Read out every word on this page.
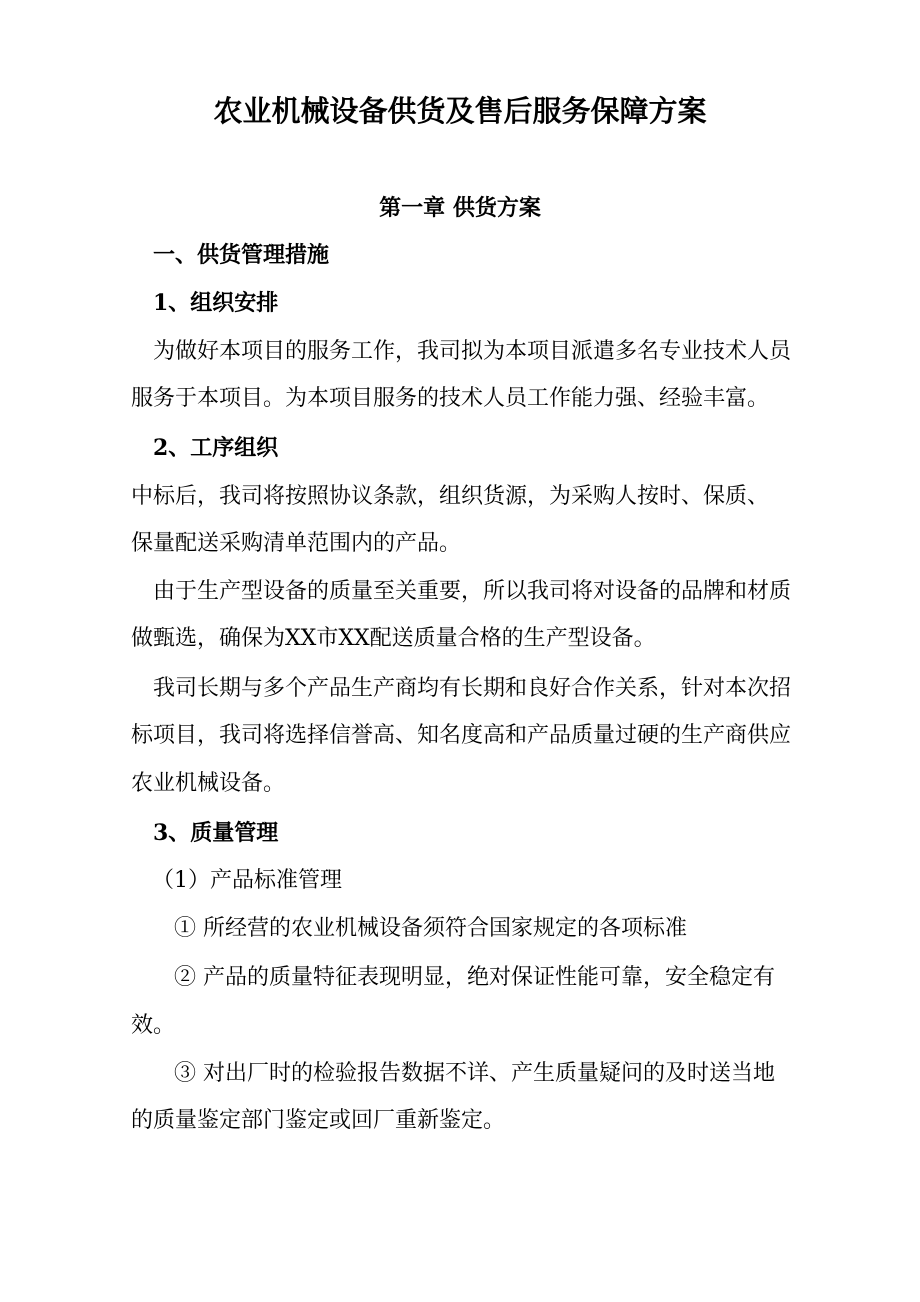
农业机械设备供货及售后服务保障方案
第一章 供货方案
一、供货管理措施
1、组织安排
为做好本项目的服务工作，我司拟为本项目派遣多名专业技术人员
服务于本项目。为本项目服务的技术人员工作能力强、经验丰富。
2、工序组织
中标后，我司将按照协议条款，组织货源，为采购人按时、保质、
保量配送采购清单范围内的产品。
由于生产型设备的质量至关重要，所以我司将对设备的品牌和材质
做甄选，确保为XX市XX配送质量合格的生产型设备。
我司长期与多个产品生产商均有长期和良好合作关系，针对本次招
标项目，我司将选择信誉高、知名度高和产品质量过硬的生产商供应
农业机械设备。
3、质量管理
（1）产品标准管理
① 所经营的农业机械设备须符合国家规定的各项标准
② 产品的质量特征表现明显，绝对保证性能可靠，安全稳定有
效。
③ 对出厂时的检验报告数据不详、产生质量疑问的及时送当地
的质量鉴定部门鉴定或回厂重新鉴定。
